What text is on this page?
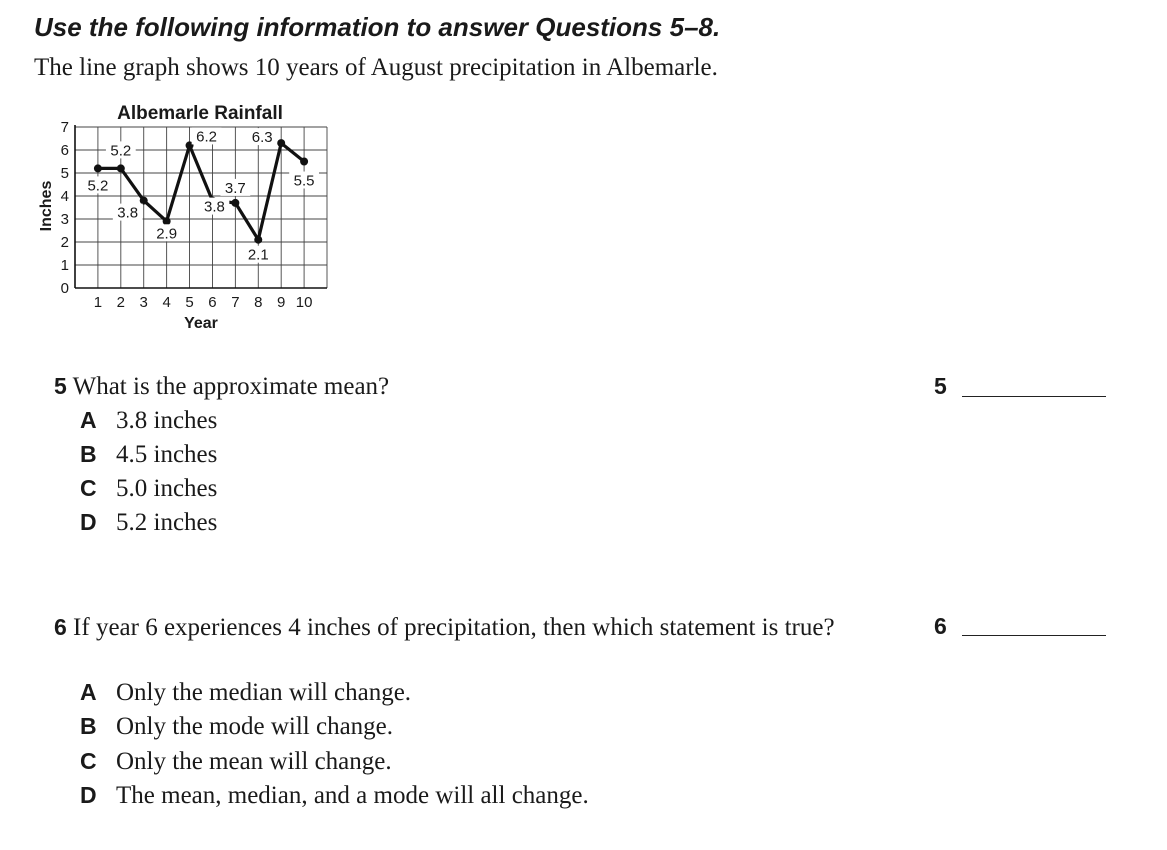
Use the following information to answer Questions 5–8.
The line graph shows 10 years of August precipitation in Albemarle.
0
1
2
3
4
5
6
7
1 2 3 4 5 6 7 8 9 10
5.2
5.2
3.8
2.9
6.2
3.8
3.7
2.1
6.3
5.5
Albemarle Rainfall
Year
Inches
5 What is the approximate mean?	5
A 3.8 inches
B 4.5 inches
C 5.0 inches
D 5.2 inches
6 If year 6 experiences 4 inches of precipitation, then which statement is true?	6
A Only the median will change.
B Only the mode will change.
C Only the mean will change.
D The mean, median, and a mode will all change.
